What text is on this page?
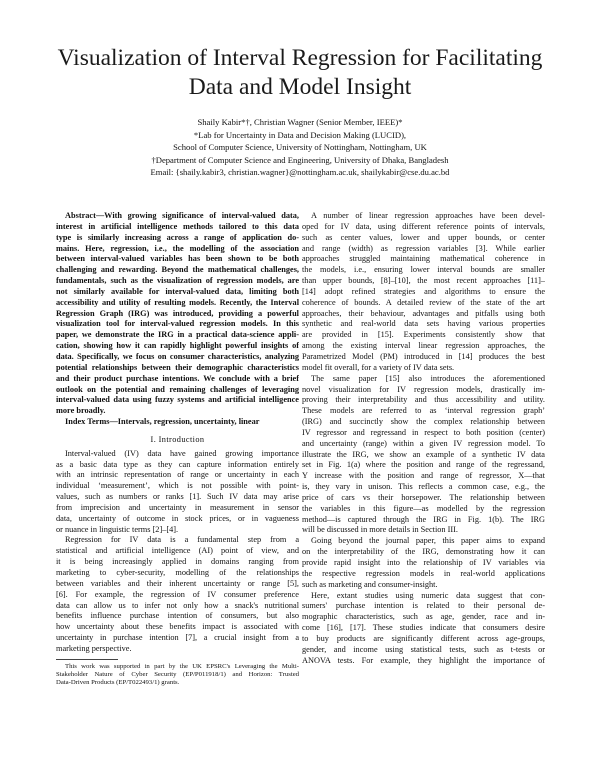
Visualization of Interval Regression for Facilitating
Data and Model Insight
Shaily Kabir*†, Christian Wagner (Senior Member, IEEE)*
*Lab for Uncertainty in Data and Decision Making (LUCID),
School of Computer Science, University of Nottingham, Nottingham, UK
†Department of Computer Science and Engineering, University of Dhaka, Bangladesh
Email: {shaily.kabir3, christian.wagner}@nottingham.ac.uk, shailykabir@cse.du.ac.bd
Abstract—With growing significance of interval-valued data,
interest in artificial intelligence methods tailored to this data
type is similarly increasing across a range of application do-
mains. Here, regression, i.e., the modelling of the association
between interval-valued variables has been shown to be both
challenging and rewarding. Beyond the mathematical challenges,
fundamentals, such as the visualization of regression models, are
not similarly available for interval-valued data, limiting both
accessibility and utility of resulting models. Recently, the Interval
Regression Graph (IRG) was introduced, providing a powerful
visualization tool for interval-valued regression models. In this
paper, we demonstrate the IRG in a practical data-science appli-
cation, showing how it can rapidly highlight powerful insights of
data. Specifically, we focus on consumer characteristics, analyzing
potential relationships between their demographic characteristics
and their product purchase intentions. We conclude with a brief
outlook on the potential and remaining challenges of leveraging
interval-valued data using fuzzy systems and artificial intelligence
more broadly.
Index Terms—Intervals, regression, uncertainty, linear
I. Introduction
Interval-valued (IV) data have gained growing importance
as a basic data type as they can capture information entirely
with an intrinsic representation of range or uncertainty in each
individual ‘measurement’, which is not possible with point-
values, such as numbers or ranks [1]. Such IV data may arise
from imprecision and uncertainty in measurement in sensor
data, uncertainty of outcome in stock prices, or in vagueness
or nuance in linguistic terms [2]–[4].
Regression for IV data is a fundamental step from a
statistical and artificial intelligence (AI) point of view, and
it is being increasingly applied in domains ranging from
marketing to cyber-security, modelling of the relationships
between variables and their inherent uncertainty or range [5],
[6]. For example, the regression of IV consumer preference
data can allow us to infer not only how a snack's nutritional
benefits influence purchase intention of consumers, but also
how uncertainty about these benefits impact is associated with
uncertainty in purchase intention [7], a crucial insight from a
marketing perspective.
This work was supported in part by the UK EPSRC's Leveraging the Multi-
Stakeholder Nature of Cyber Security (EP/P011918/1) and Horizon: Trusted
Data-Driven Products (EP/T022493/1) grants.
A number of linear regression approaches have been devel-
oped for IV data, using different reference points of intervals,
such as center values, lower and upper bounds, or center
and range (width) as regression variables [3]. While earlier
approaches struggled maintaining mathematical coherence in
the models, i.e., ensuring lower interval bounds are smaller
than upper bounds, [8]–[10], the most recent approaches [11]–
[14] adopt refined strategies and algorithms to ensure the
coherence of bounds. A detailed review of the state of the art
approaches, their behaviour, advantages and pitfalls using both
synthetic and real-world data sets having various properties
are provided in [15]. Experiments consistently show that
among the existing interval linear regression approaches, the
Parametrized Model (PM) introduced in [14] produces the best
model fit overall, for a variety of IV data sets.
The same paper [15] also introduces the aforementioned
novel visualization for IV regression models, drastically im-
proving their interpretability and thus accessibility and utility.
These models are referred to as ‘interval regression graph’
(IRG) and succinctly show the complex relationship between
IV regressor and regressand in respect to both position (center)
and uncertainty (range) within a given IV regression model. To
illustrate the IRG, we show an example of a synthetic IV data
set in Fig. 1(a) where the position and range of the regressand,
Y increase with the position and range of regressor, X—that
is, they vary in unison. This reflects a common case, e.g., the
price of cars vs their horsepower. The relationship between
the variables in this figure—as modelled by the regression
method—is captured through the IRG in Fig. 1(b). The IRG
will be discussed in more details in Section III.
Going beyond the journal paper, this paper aims to expand
on the interpretability of the IRG, demonstrating how it can
provide rapid insight into the relationship of IV variables via
the respective regression models in real-world applications
such as marketing and consumer-insight.
Here, extant studies using numeric data suggest that con-
sumers' purchase intention is related to their personal de-
mographic characteristics, such as age, gender, race and in-
come [16], [17]. These studies indicate that consumers desire
to buy products are significantly different across age-groups,
gender, and income using statistical tests, such as t-tests or
ANOVA tests. For example, they highlight the importance of
